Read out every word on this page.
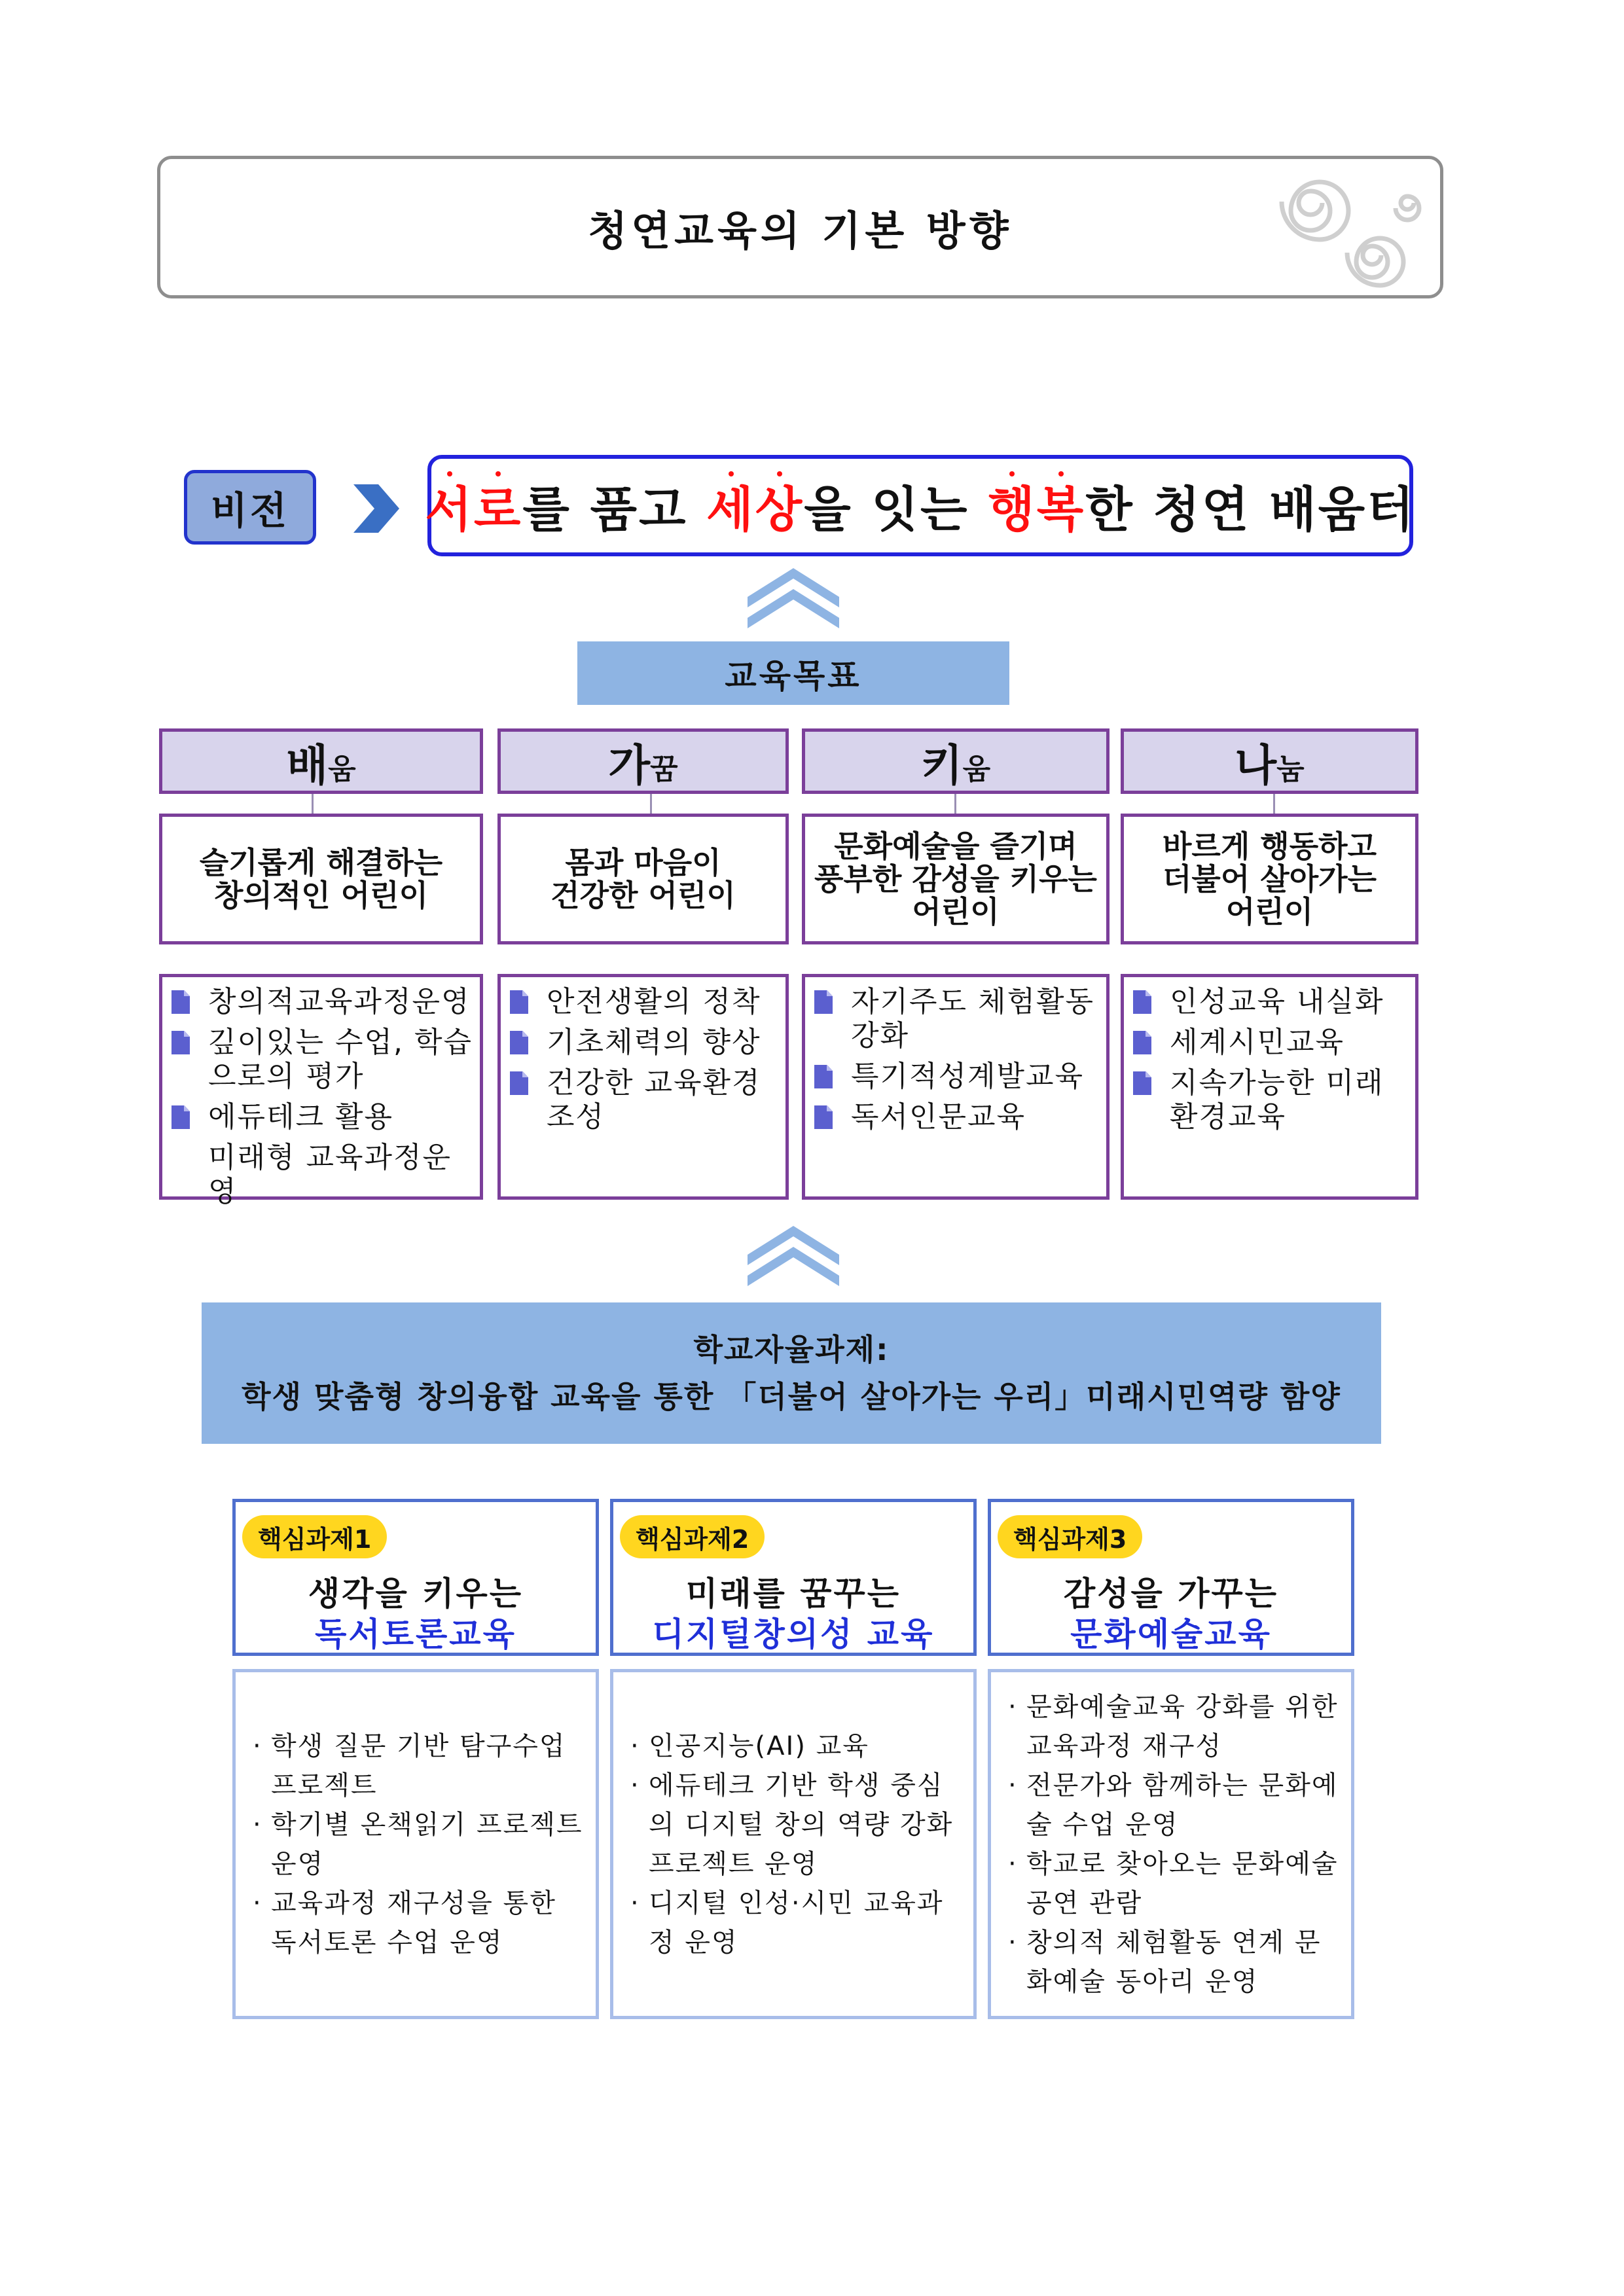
청연교육의 기본 방향
비전	서로를 품고 세상을 잇는 행복한 청연 배움터
교육목표
배 움
슬기롭게 해결하는
창의적인 어린이
창의적교육과정운영
깊이있는 수업, 학습으로의 평가
에듀테크 활용
미래형 교육과정운영
가 꿈
몸과 마음이
건강한 어린이
안전생활의 정착
기초체력의 향상
건강한 교육환경 조성
키 움
문화예술을 즐기며
풍부한 감성을 키우는
어린이
자기주도 체험활동 강화
특기적성계발교육
독서인문교육
나 눔
바르게 행동하고
더불어 살아가는
어린이
인성교육 내실화
세계시민교육
지속가능한 미래 환경교육
학교자율과제:
학생 맞춤형 창의융합 교육을 통한 「더불어 살아가는 우리」미래시민역량 함양
핵심과제1
생각을 키우는
독서토론교육
· 학생 질문 기반 탐구수업 프로젝트
· 학기별 온책읽기 프로젝트 운영
· 교육과정 재구성을 통한 독서토론 수업 운영
핵심과제2
미래를 꿈꾸는
디지털창의성 교육
· 인공지능(AI) 교육
· 에듀테크 기반 학생 중심의 디지털 창의 역량 강화 프로젝트 운영
· 디지털 인성·시민 교육과정 운영
핵심과제3
감성을 가꾸는
문화예술교육
· 문화예술교육 강화를 위한 교육과정 재구성
· 전문가와 함께하는 문화예술 수업 운영
· 학교로 찾아오는 문화예술 공연 관람
· 창의적 체험활동 연계 문화예술 동아리 운영
